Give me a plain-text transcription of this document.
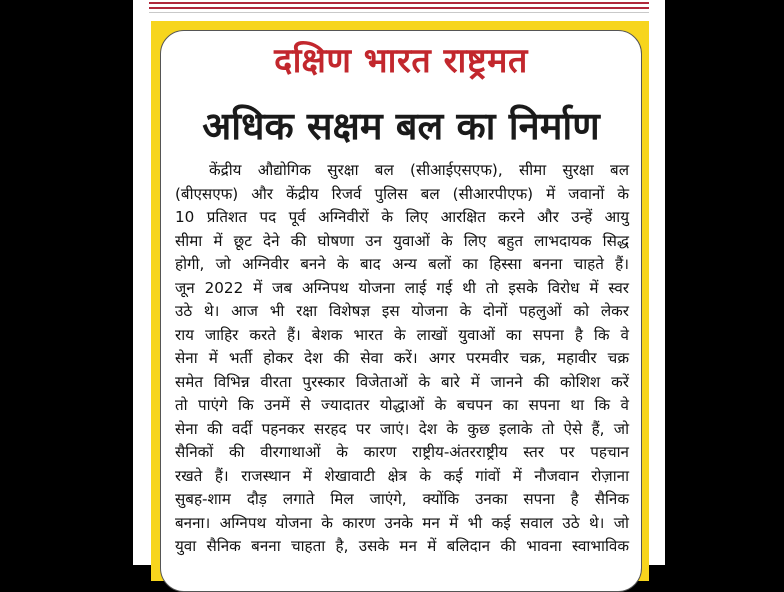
दक्षिण भारत राष्ट्रमत
अधिक सक्षम बल का निर्माण
केंद्रीय औद्योगिक सुरक्षा बल (सीआईएसएफ), सीमा सुरक्षा बल
(बीएसएफ) और केंद्रीय रिजर्व पुलिस बल (सीआरपीएफ) में जवानों के
10 प्रतिशत पद पूर्व अग्निवीरों के लिए आरक्षित करने और उन्हें आयु
सीमा में छूट देने की घोषणा उन युवाओं के लिए बहुत लाभदायक सिद्ध
होगी, जो अग्निवीर बनने के बाद अन्य बलों का हिस्सा बनना चाहते हैं।
जून 2022 में जब अग्निपथ योजना लाई गई थी तो इसके विरोध में स्वर
उठे थे। आज भी रक्षा विशेषज्ञ इस योजना के दोनों पहलुओं को लेकर
राय जाहिर करते हैं। बेशक भारत के लाखों युवाओं का सपना है कि वे
सेना में भर्ती होकर देश की सेवा करें। अगर परमवीर चक्र, महावीर चक्र
समेत विभिन्न वीरता पुरस्कार विजेताओं के बारे में जानने की कोशिश करें
तो पाएंगे कि उनमें से ज्यादातर योद्धाओं के बचपन का सपना था कि वे
सेना की वर्दी पहनकर सरहद पर जाएं। देश के कुछ इलाके तो ऐसे हैं, जो
सैनिकों की वीरगाथाओं के कारण राष्ट्रीय-अंतरराष्ट्रीय स्तर पर पहचान
रखते हैं। राजस्थान में शेखावाटी क्षेत्र के कई गांवों में नौजवान रोज़ाना
सुबह-शाम दौड़ लगाते मिल जाएंगे, क्योंकि उनका सपना है सैनिक
बनना। अग्निपथ योजना के कारण उनके मन में भी कई सवाल उठे थे। जो
युवा सैनिक बनना चाहता है, उसके मन में बलिदान की भावना स्वाभाविक
